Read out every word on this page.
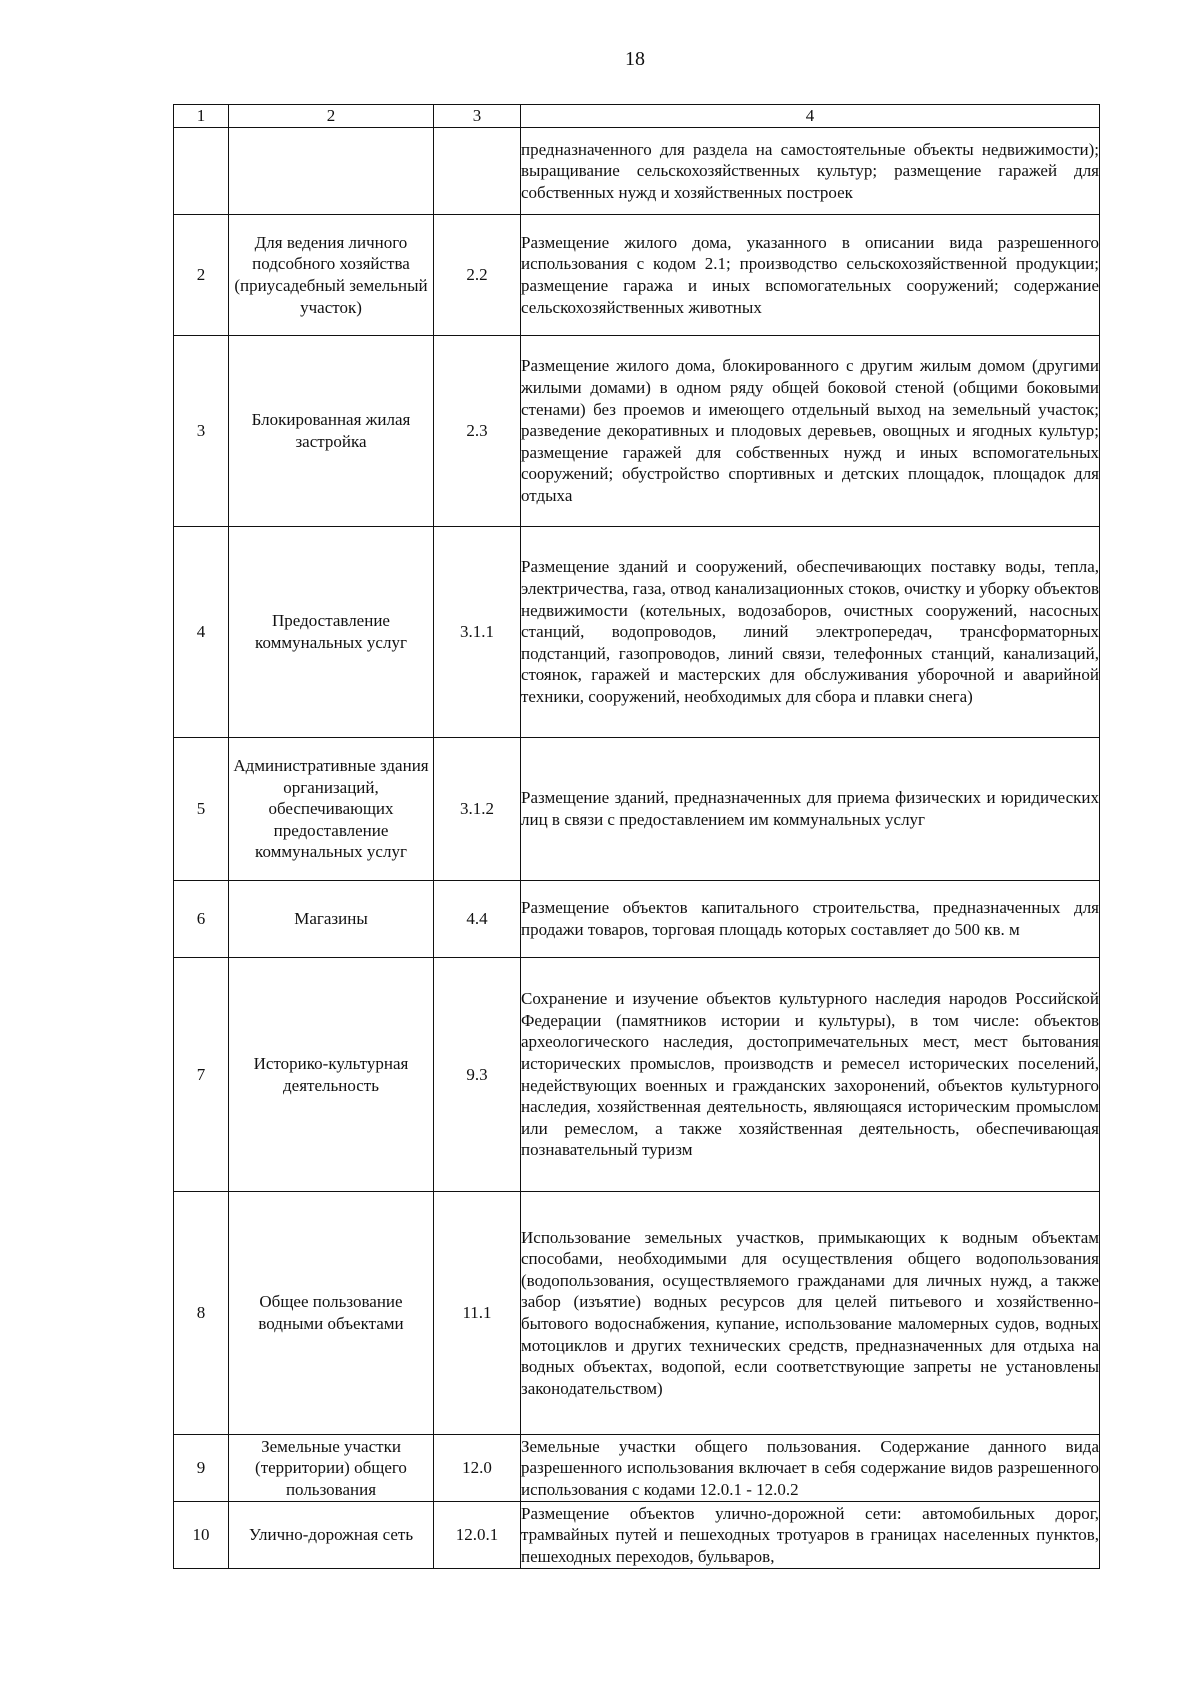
18
1	2	3	4
			предназначенного для раздела на самостоятельные объекты недвижимости); выращивание сельскохозяйственных культур; размещение гаражей для собственных нужд и хозяйственных построек
2	Для ведения личного подсобного хозяйства (приусадебный земельный участок)	2.2	Размещение жилого дома, указанного в описании вида разрешенного использования с кодом 2.1; производство сельскохозяйственной продукции; размещение гаража и иных вспомогательных сооружений; содержание сельскохозяйственных животных
3	Блокированная жилая застройка	2.3	Размещение жилого дома, блокированного с другим жилым домом (другими жилыми домами) в одном ряду общей боковой стеной (общими боковыми стенами) без проемов и имеющего отдельный выход на земельный участок; разведение декоративных и плодовых деревьев, овощных и ягодных культур; размещение гаражей для собственных нужд и иных вспомогательных сооружений; обустройство спортивных и детских площадок, площадок для отдыха
4	Предоставление коммунальных услуг	3.1.1	Размещение зданий и сооружений, обеспечивающих поставку воды, тепла, электричества, газа, отвод канализационных стоков, очистку и уборку объектов недвижимости (котельных, водозаборов, очистных сооружений, насосных станций, водопроводов, линий электропередач, трансформаторных подстанций, газопроводов, линий связи, телефонных станций, канализаций, стоянок, гаражей и мастерских для обслуживания уборочной и аварийной техники, сооружений, необходимых для сбора и плавки снега)
5	Административные здания организаций, обеспечивающих предоставление коммунальных услуг	3.1.2	Размещение зданий, предназначенных для приема физических и юридических лиц в связи с предоставлением им коммунальных услуг
6	Магазины	4.4	Размещение объектов капитального строительства, предназначенных для продажи товаров, торговая площадь которых составляет до 500 кв. м
7	Историко-культурная деятельность	9.3	Сохранение и изучение объектов культурного наследия народов Российской Федерации (памятников истории и культуры), в том числе: объектов археологического наследия, достопримечательных мест, мест бытования исторических промыслов, производств и ремесел исторических поселений, недействующих военных и гражданских захоронений, объектов культурного наследия, хозяйственная деятельность, являющаяся историческим промыслом или ремеслом, а также хозяйственная деятельность, обеспечивающая познавательный туризм
8	Общее пользование водными объектами	11.1	Использование земельных участков, примыкающих к водным объектам способами, необходимыми для осуществления общего водопользования (водопользования, осуществляемого гражданами для личных нужд, а также забор (изъятие) водных ресурсов для целей питьевого и хозяйственно-бытового водоснабжения, купание, использование маломерных судов, водных мотоциклов и других технических средств, предназначенных для отдыха на водных объектах, водопой, если соответствующие запреты не установлены законодательством)
9	Земельные участки (территории) общего пользования	12.0	Земельные участки общего пользования. Содержание данного вида разрешенного использования включает в себя содержание видов разрешенного использования с кодами 12.0.1 - 12.0.2
10	Улично-дорожная сеть	12.0.1	Размещение объектов улично-дорожной сети: автомобильных дорог, трамвайных путей и пешеходных тротуаров в границах населенных пунктов, пешеходных переходов, бульваров,
